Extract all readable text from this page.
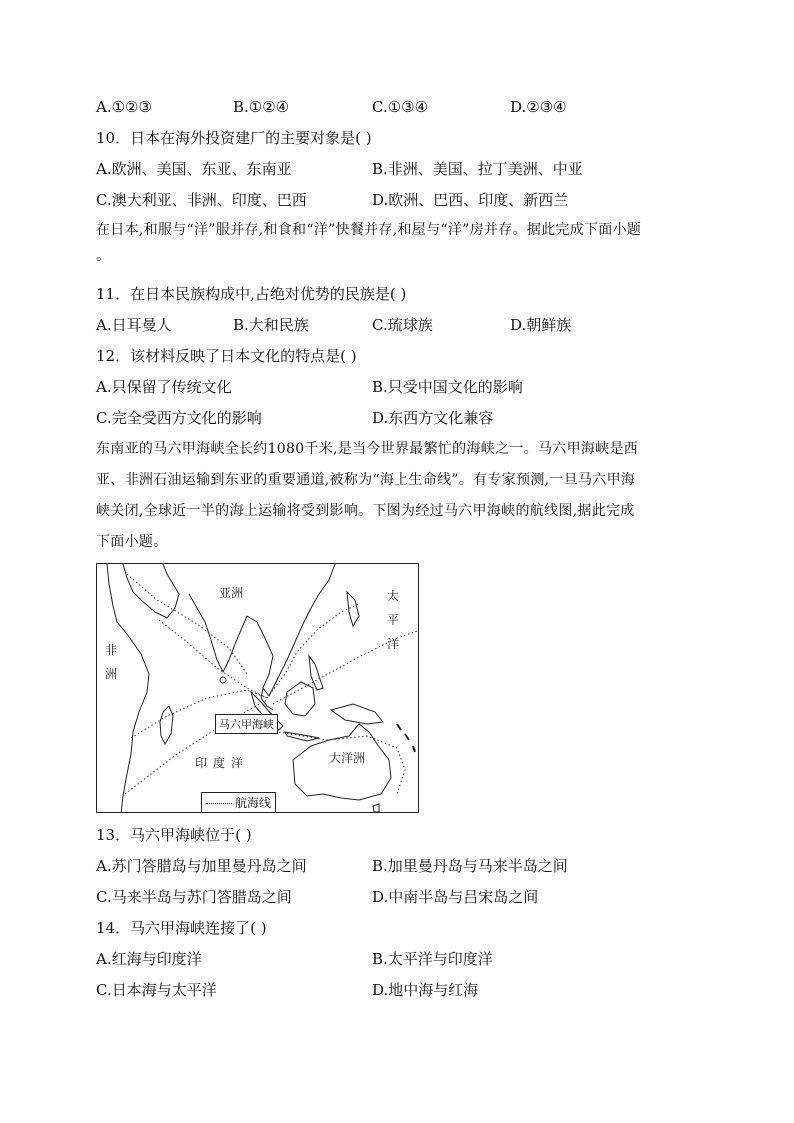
A.①②③	B.①②④	C.①③④	D.②③④
10．日本在海外投资建厂的主要对象是( )
A.欧洲、美国、东亚、东南亚	B.非洲、美国、拉丁美洲、中亚
C.澳大利亚、非洲、印度、巴西	D.欧洲、巴西、印度、新西兰

在日本,和服与“洋”服并存,和食和“洋”快餐并存,和屋与“洋”房并存。据此完成下面小题

。

11．在日本民族构成中,占绝对优势的民族是( )
A.日耳曼人	B.大和民族	C.琉球族	D.朝鲜族
12．该材料反映了日本文化的特点是( )
A.只保留了传统文化	B.只受中国文化的影响
C.完全受西方文化的影响	D.东西方文化兼容

东南亚的马六甲海峡全长约1080千米,是当今世界最繁忙的海峡之一。马六甲海峡是西

亚、非洲石油运输到东亚的重要通道,被称为“海上生命线”。有专家预测,一旦马六甲海

峡关闭,全球近一半的海上运输将受到影响。下图为经过马六甲海峡的航线图,据此完成

下面小题。

亚洲	太平洋
非洲
印度洋	大洋洲
马六甲海峡
航海线
13．马六甲海峡位于( )
A.苏门答腊岛与加里曼丹岛之间	B.加里曼丹岛与马来半岛之间
C.马来半岛与苏门答腊岛之间	D.中南半岛与吕宋岛之间
14．马六甲海峡连接了( )
A.红海与印度洋	B.太平洋与印度洋
C.日本海与太平洋	D.地中海与红海
